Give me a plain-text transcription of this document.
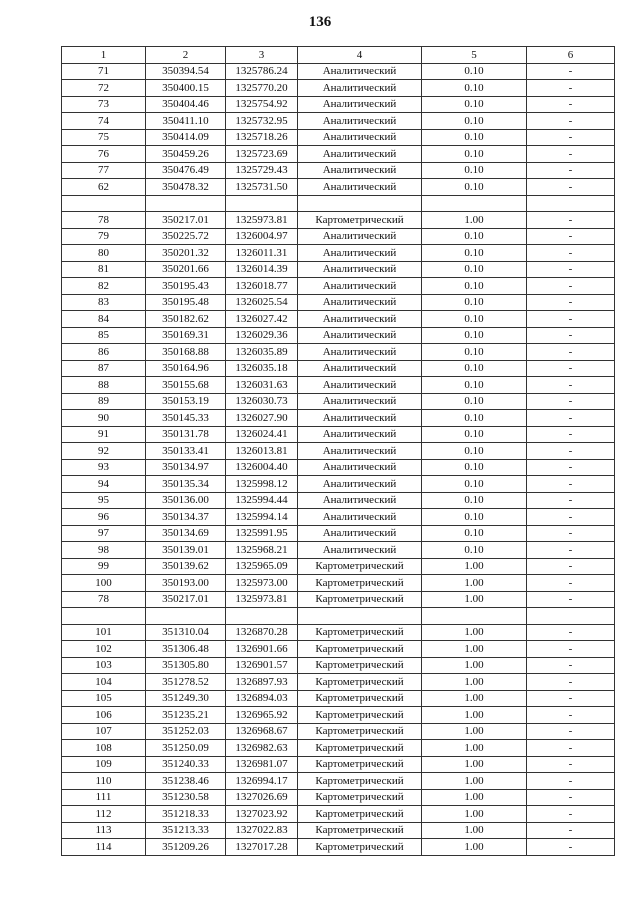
136
1	2	3	4	5	6
71	350394.54	1325786.24	Аналитический	0.10	-
72	350400.15	1325770.20	Аналитический	0.10	-
73	350404.46	1325754.92	Аналитический	0.10	-
74	350411.10	1325732.95	Аналитический	0.10	-
75	350414.09	1325718.26	Аналитический	0.10	-
76	350459.26	1325723.69	Аналитический	0.10	-
77	350476.49	1325729.43	Аналитический	0.10	-
62	350478.32	1325731.50	Аналитический	0.10	-

78	350217.01	1325973.81	Картометрический	1.00	-
79	350225.72	1326004.97	Аналитический	0.10	-
80	350201.32	1326011.31	Аналитический	0.10	-
81	350201.66	1326014.39	Аналитический	0.10	-
82	350195.43	1326018.77	Аналитический	0.10	-
83	350195.48	1326025.54	Аналитический	0.10	-
84	350182.62	1326027.42	Аналитический	0.10	-
85	350169.31	1326029.36	Аналитический	0.10	-
86	350168.88	1326035.89	Аналитический	0.10	-
87	350164.96	1326035.18	Аналитический	0.10	-
88	350155.68	1326031.63	Аналитический	0.10	-
89	350153.19	1326030.73	Аналитический	0.10	-
90	350145.33	1326027.90	Аналитический	0.10	-
91	350131.78	1326024.41	Аналитический	0.10	-
92	350133.41	1326013.81	Аналитический	0.10	-
93	350134.97	1326004.40	Аналитический	0.10	-
94	350135.34	1325998.12	Аналитический	0.10	-
95	350136.00	1325994.44	Аналитический	0.10	-
96	350134.37	1325994.14	Аналитический	0.10	-
97	350134.69	1325991.95	Аналитический	0.10	-
98	350139.01	1325968.21	Аналитический	0.10	-
99	350139.62	1325965.09	Картометрический	1.00	-
100	350193.00	1325973.00	Картометрический	1.00	-
78	350217.01	1325973.81	Картометрический	1.00	-

101	351310.04	1326870.28	Картометрический	1.00	-
102	351306.48	1326901.66	Картометрический	1.00	-
103	351305.80	1326901.57	Картометрический	1.00	-
104	351278.52	1326897.93	Картометрический	1.00	-
105	351249.30	1326894.03	Картометрический	1.00	-
106	351235.21	1326965.92	Картометрический	1.00	-
107	351252.03	1326968.67	Картометрический	1.00	-
108	351250.09	1326982.63	Картометрический	1.00	-
109	351240.33	1326981.07	Картометрический	1.00	-
110	351238.46	1326994.17	Картометрический	1.00	-
111	351230.58	1327026.69	Картометрический	1.00	-
112	351218.33	1327023.92	Картометрический	1.00	-
113	351213.33	1327022.83	Картометрический	1.00	-
114	351209.26	1327017.28	Картометрический	1.00	-
